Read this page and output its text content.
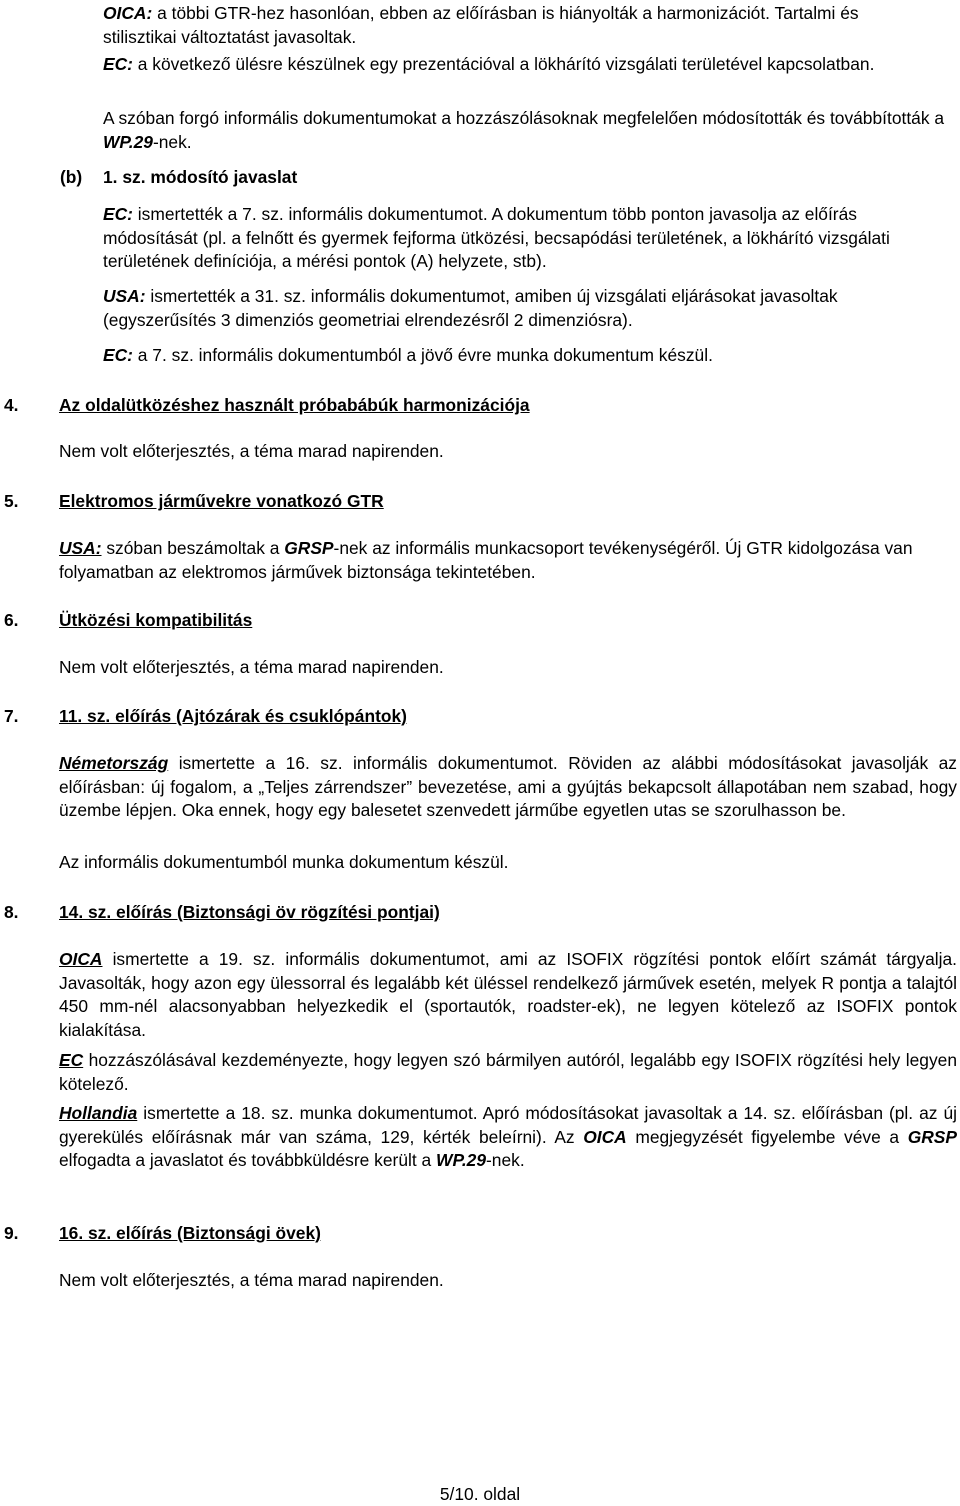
OICA: a többi GTR-hez hasonlóan, ebben az előírásban is hiányolták a harmonizációt. Tartalmi és stilisztikai változtatást javasoltak.

EC: a következő ülésre készülnek egy prezentációval a lökhárító vizsgálati területével kapcsolatban.

A szóban forgó informális dokumentumokat a hozzászólásoknak megfelelően módosították és továbbították a WP.29-nek.

(b) 1. sz. módosító javaslat

EC: ismertették a 7. sz. informális dokumentumot. A dokumentum több ponton javasolja az előírás módosítását (pl. a felnőtt és gyermek fejforma ütközési, becsapódási területének, a lökhárító vizsgálati területének definíciója, a mérési pontok (A) helyzete, stb).

USA: ismertették a 31. sz. informális dokumentumot, amiben új vizsgálati eljárásokat javasoltak (egyszerűsítés 3 dimenziós geometriai elrendezésről 2 dimenziósra).

EC: a 7. sz. informális dokumentumból a jövő évre munka dokumentum készül.

4. Az oldalütközéshez használt próbabábúk harmonizációja

Nem volt előterjesztés, a téma marad napirenden.

5. Elektromos járművekre vonatkozó GTR

USA: szóban beszámoltak a GRSP-nek az informális munkacsoport tevékenységéről. Új GTR kidolgozása van folyamatban az elektromos járművek biztonsága tekintetében.

6. Ütközési kompatibilitás

Nem volt előterjesztés, a téma marad napirenden.

7. 11. sz. előírás (Ajtózárak és csuklópántok)

Németország ismertette a 16. sz. informális dokumentumot. Röviden az alábbi módosításokat javasolják az előírásban: új fogalom, a „Teljes zárrendszer” bevezetése, ami a gyújtás bekapcsolt állapotában nem szabad, hogy üzembe lépjen. Oka ennek, hogy egy balesetet szenvedett járműbe egyetlen utas se szorulhasson be.

Az informális dokumentumból munka dokumentum készül.

8. 14. sz. előírás (Biztonsági öv rögzítési pontjai)

OICA ismertette a 19. sz. informális dokumentumot, ami az ISOFIX rögzítési pontok előírt számát tárgyalja. Javasolták, hogy azon egy ülessorral és legalább két üléssel rendelkező járművek esetén, melyek R pontja a talajtól 450 mm-nél alacsonyabban helyezkedik el (sportautók, roadster-ek), ne legyen kötelező az ISOFIX pontok kialakítása.

EC hozzászólásával kezdeményezte, hogy legyen szó bármilyen autóról, legalább egy ISOFIX rögzítési hely legyen kötelező.

Hollandia ismertette a 18. sz. munka dokumentumot. Apró módosításokat javasoltak a 14. sz. előírásban (pl. az új gyerekülés előírásnak már van száma, 129, kérték beleírni). Az OICA megjegyzését figyelembe véve a GRSP elfogadta a javaslatot és továbbküldésre került a WP.29-nek.

9. 16. sz. előírás (Biztonsági övek)

Nem volt előterjesztés, a téma marad napirenden.

5/10. oldal
